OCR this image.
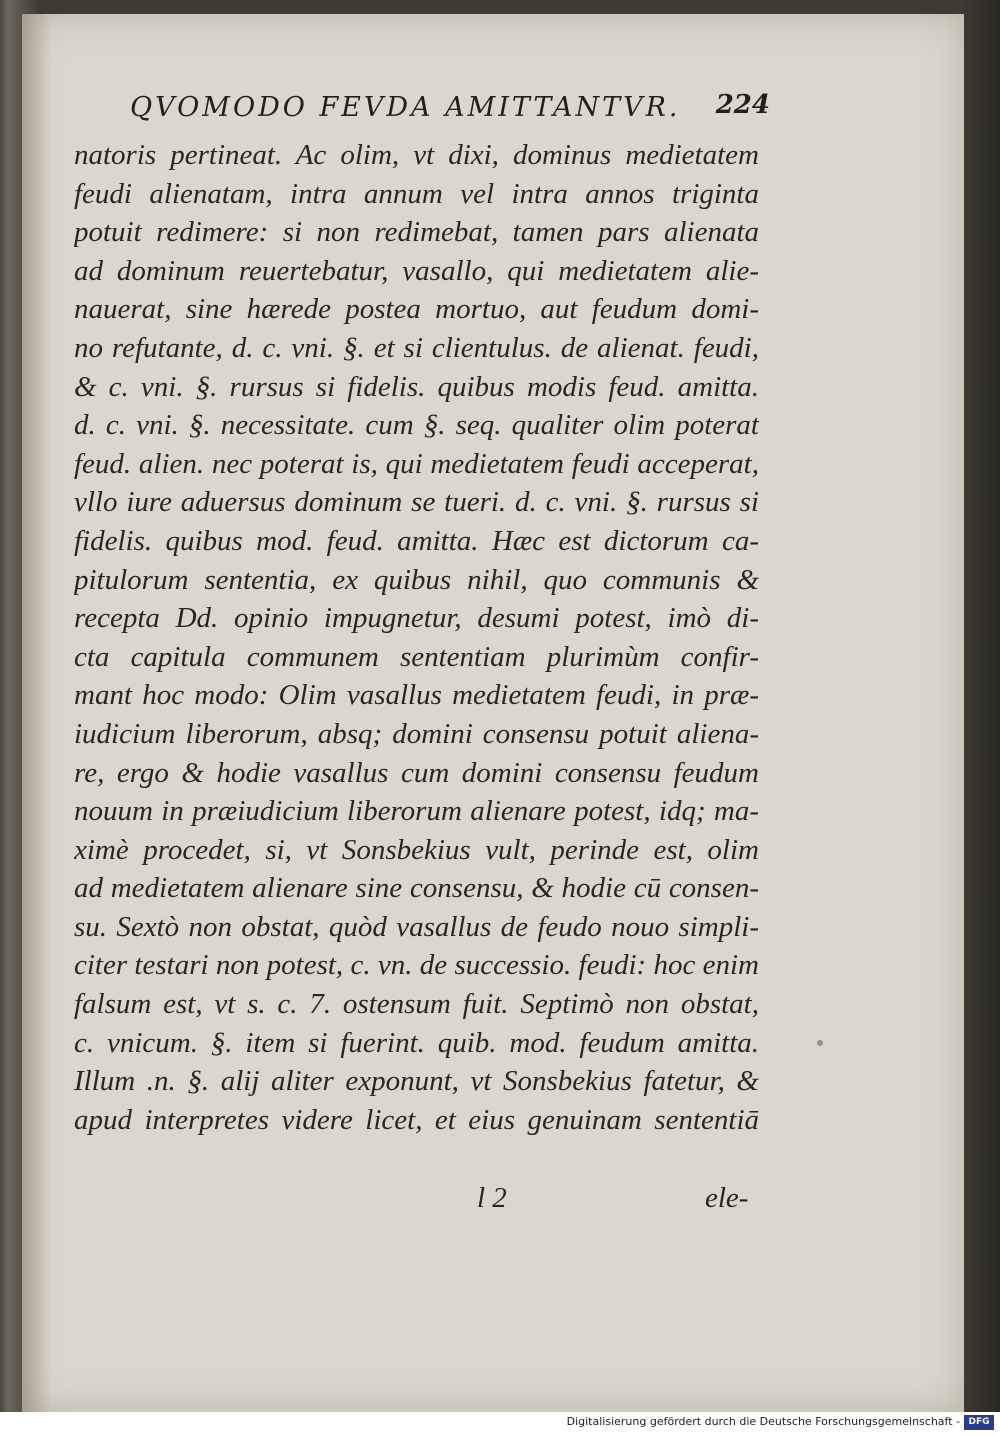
QVOMODO FEVDA AMITTANTVR. 224
natoris pertineat. Ac olim, vt dixi, dominus medietatem
feudi alienatam, intra annum vel intra annos triginta
potuit redimere: si non redimebat, tamen pars alienata
ad dominum reuertebatur, vasallo, qui medietatem alie-
nauerat, sine hærede postea mortuo, aut feudum domi-
no refutante, d. c. vni. §. et si clientulus. de alienat. feudi,
& c. vni. §. rursus si fidelis. quibus modis feud. amitta.
d. c. vni. §. necessitate. cum §. seq. qualiter olim poterat
feud. alien. nec poterat is, qui medietatem feudi acceperat,
vllo iure aduersus dominum se tueri. d. c. vni. §. rursus si
fidelis. quibus mod. feud. amitta. Hæc est dictorum ca-
pitulorum sententia, ex quibus nihil, quo communis &
recepta Dd. opinio impugnetur, desumi potest, imò di-
cta capitula communem sententiam plurimùm confir-
mant hoc modo: Olim vasallus medietatem feudi, in præ-
iudicium liberorum, absq; domini consensu potuit aliena-
re, ergo & hodie vasallus cum domini consensu feudum
nouum in præiudicium liberorum alienare potest, idq; ma-
ximè procedet, si, vt Sonsbekius vult, perinde est, olim
ad medietatem alienare sine consensu, & hodie cū consen-
su. Sextò non obstat, quòd vasallus de feudo nouo simpli-
citer testari non potest, c. vn. de successio. feudi: hoc enim
falsum est, vt s. c. 7. ostensum fuit. Septimò non obstat,
c. vnicum. §. item si fuerint. quib. mod. feudum amitta.
Illum .n. §. alij aliter exponunt, vt Sonsbekius fatetur, &
apud interpretes videre licet, et eius genuinam sententiā
l 2	ele-
Digitalisierung gefördert durch die Deutsche Forschungsgemeinschaft - DFG
